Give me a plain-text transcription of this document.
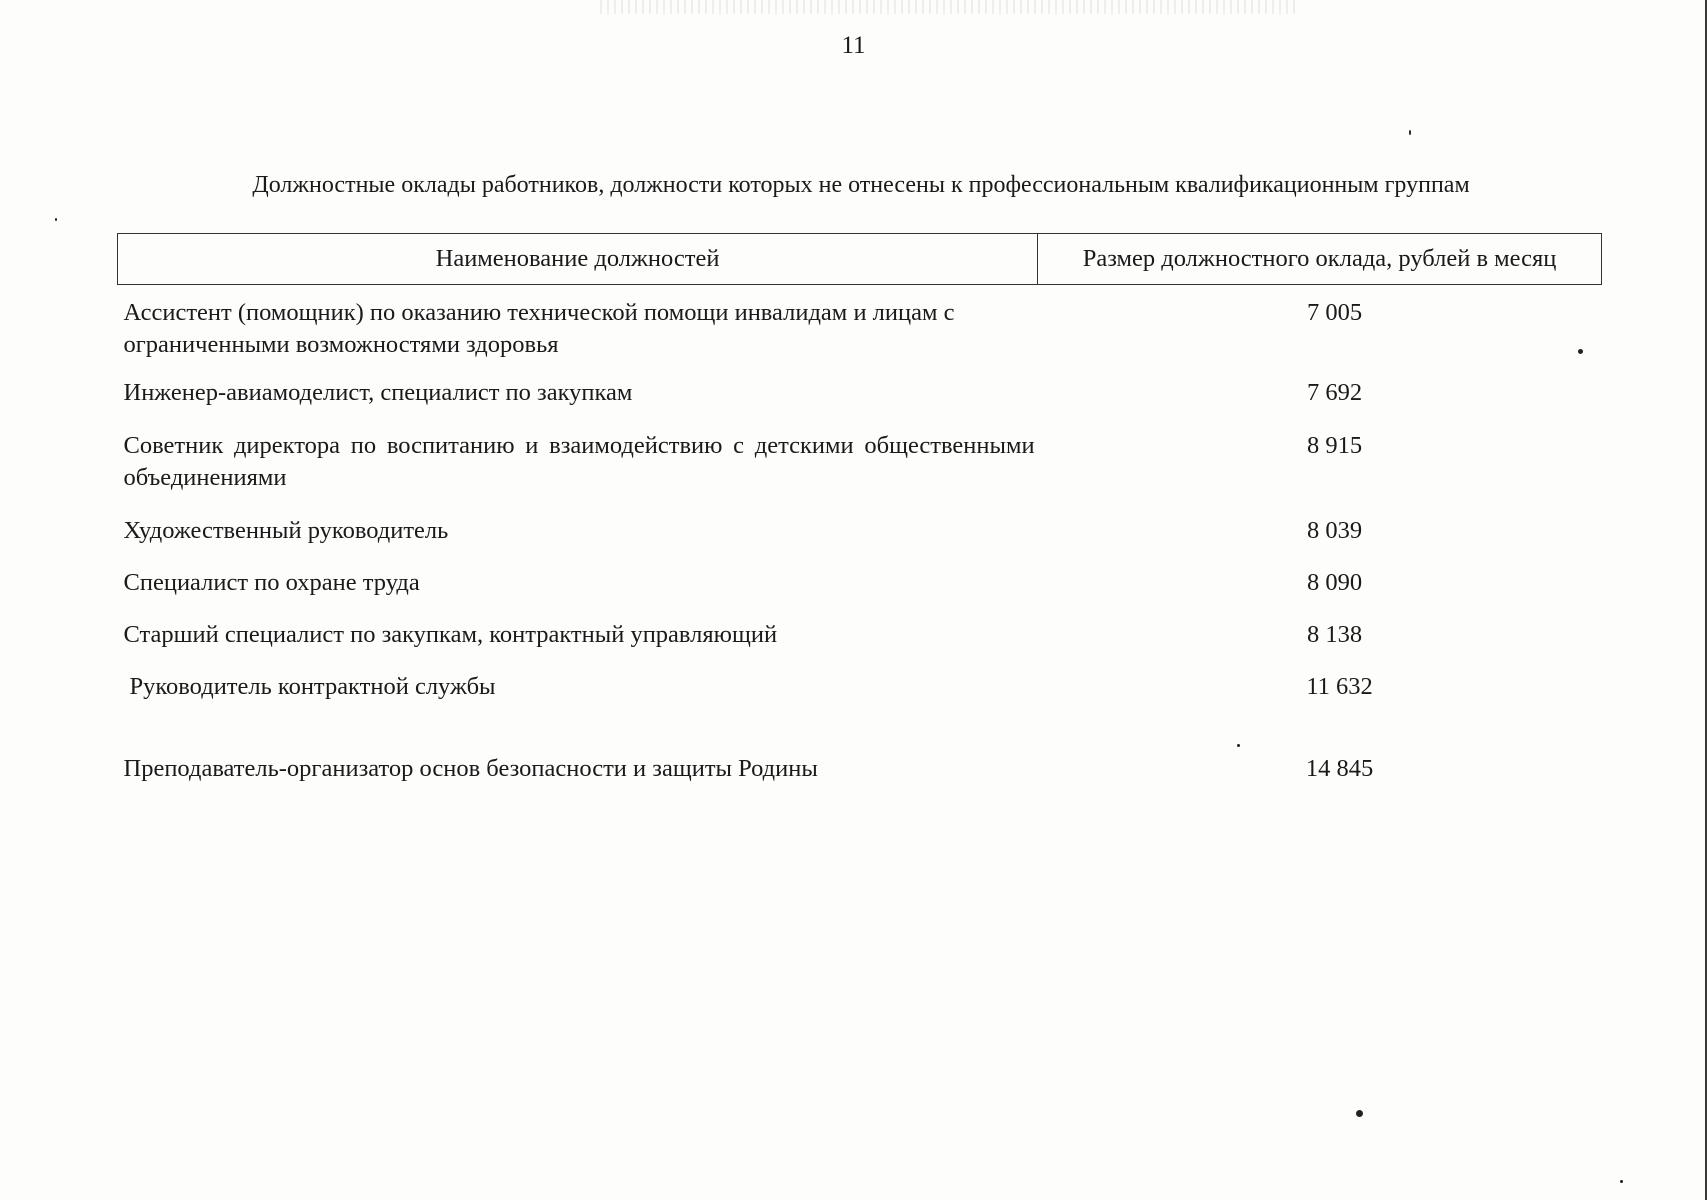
11
Должностные оклады работников, должности которых не отнесены к профессиональным квалификационным группам
Наименование должностей	Размер должностного оклада, рублей в месяц
Ассистент (помощник) по оказанию технической помощи инвалидам и лицам с ограниченными возможностями здоровья	7 005
Инженер-авиамоделист, специалист по закупкам	7 692
Советник директора по воспитанию и взаимодействию с детскими общественными объединениями	8 915
Художественный руководитель	8 039
Специалист по охране труда	8 090
Старший специалист по закупкам, контрактный управляющий	8 138
Руководитель контрактной службы	11 632
Преподаватель-организатор основ безопасности и защиты Родины	14 845
